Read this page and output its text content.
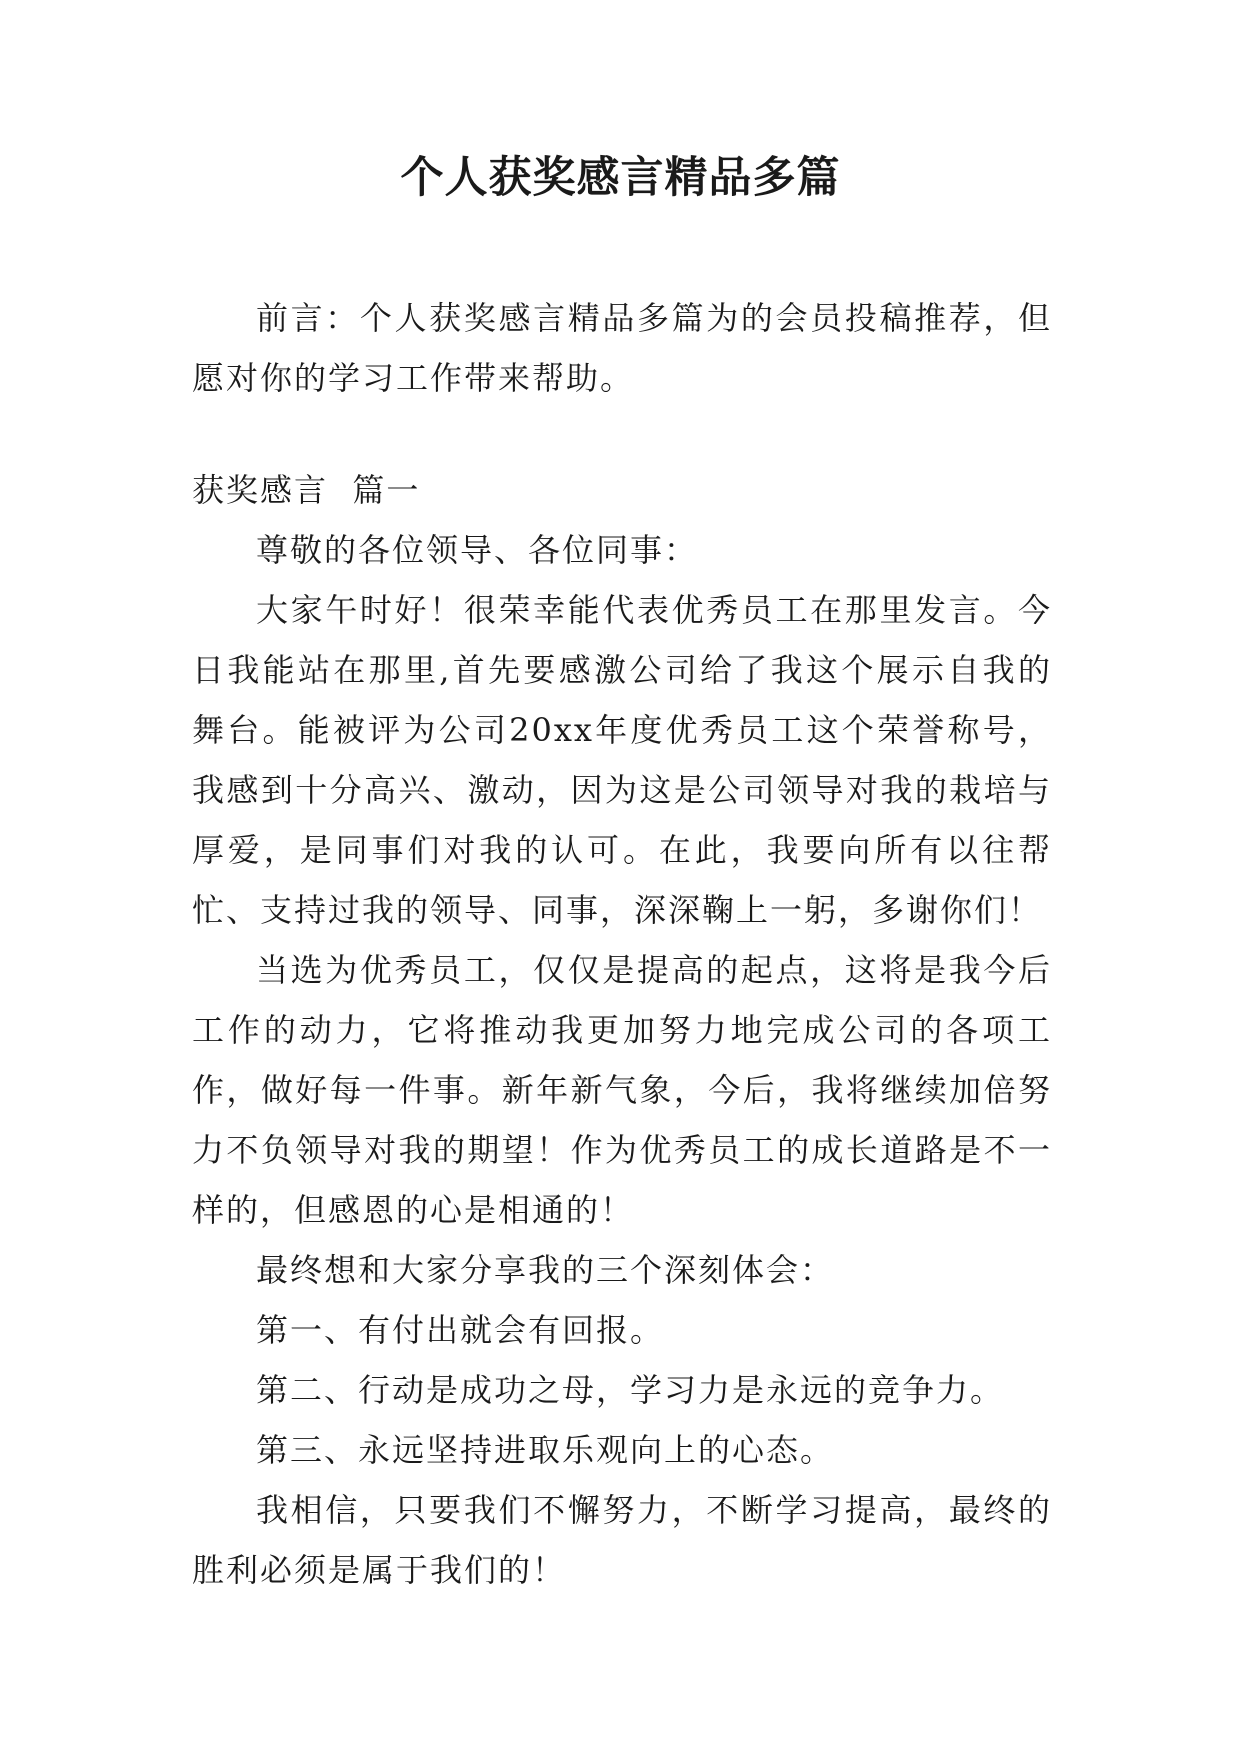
个人获奖感言精品多篇

前言：个人获奖感言精品多篇为的会员投稿推荐，但愿对你的学习工作带来帮助。

获奖感言  篇一

尊敬的各位领导、各位同事：

大家午时好！很荣幸能代表优秀员工在那里发言。今日我能站在那里,首先要感激公司给了我这个展示自我的舞台。能被评为公司20xx年度优秀员工这个荣誉称号，我感到十分高兴、激动，因为这是公司领导对我的栽培与厚爱，是同事们对我的认可。在此，我要向所有以往帮忙、支持过我的领导、同事，深深鞠上一躬，多谢你们！

当选为优秀员工，仅仅是提高的起点，这将是我今后工作的动力，它将推动我更加努力地完成公司的各项工作，做好每一件事。新年新气象，今后，我将继续加倍努力不负领导对我的期望！作为优秀员工的成长道路是不一样的，但感恩的心是相通的！

最终想和大家分享我的三个深刻体会：

第一、有付出就会有回报。

第二、行动是成功之母，学习力是永远的竞争力。

第三、永远坚持进取乐观向上的心态。

我相信，只要我们不懈努力，不断学习提高，最终的胜利必须是属于我们的！
